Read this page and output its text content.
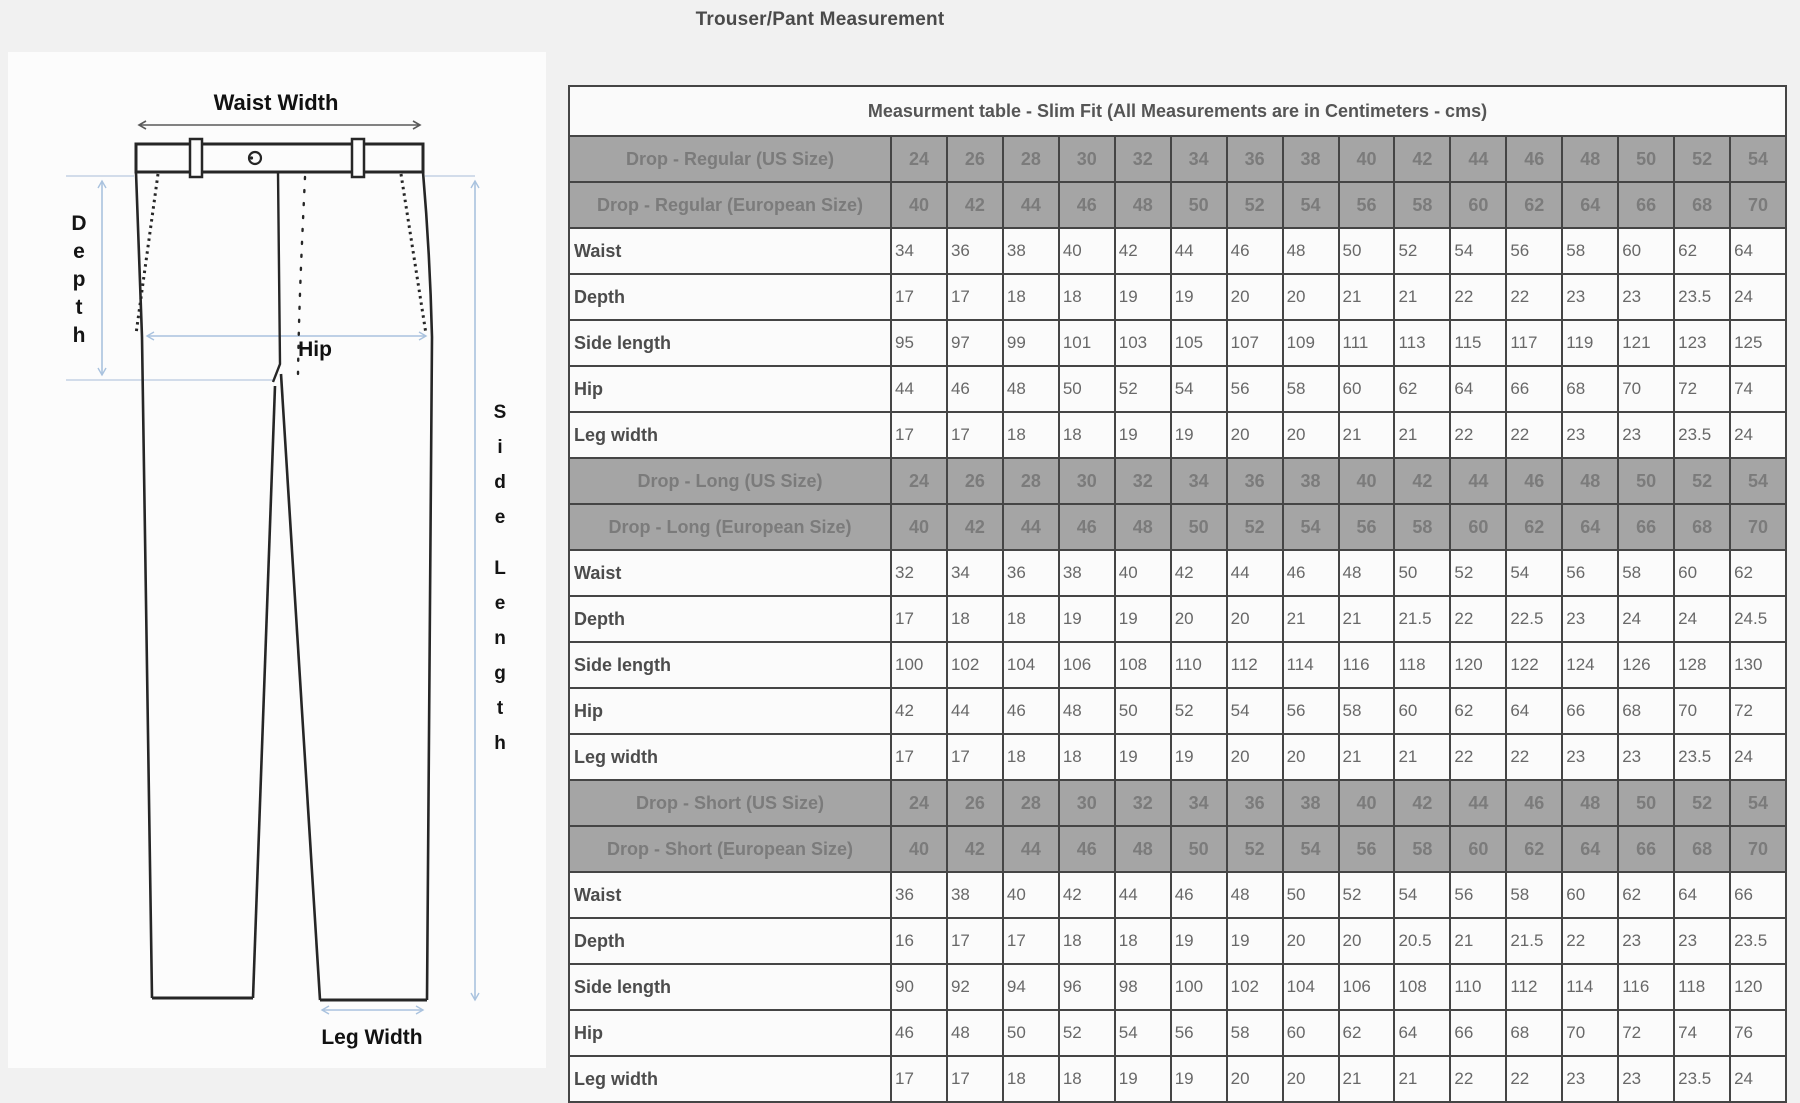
Trouser/Pant Measurement
Waist Width
Hip
Leg Width
D
e
p
t
h
S
i
d
e
L
e
n
g
t
h
Measurment table - Slim Fit (All Measurements are in Centimeters - cms)																
Drop - Regular (US Size)	24	26	28	30	32	34	36	38	40	42	44	46	48	50	52	54
Drop - Regular (European Size)	40	42	44	46	48	50	52	54	56	58	60	62	64	66	68	70
Waist	34	36	38	40	42	44	46	48	50	52	54	56	58	60	62	64
Depth	17	17	18	18	19	19	20	20	21	21	22	22	23	23	23.5	24
Side length	95	97	99	101	103	105	107	109	111	113	115	117	119	121	123	125
Hip	44	46	48	50	52	54	56	58	60	62	64	66	68	70	72	74
Leg width	17	17	18	18	19	19	20	20	21	21	22	22	23	23	23.5	24
Drop - Long (US Size)	24	26	28	30	32	34	36	38	40	42	44	46	48	50	52	54
Drop - Long (European Size)	40	42	44	46	48	50	52	54	56	58	60	62	64	66	68	70
Waist	32	34	36	38	40	42	44	46	48	50	52	54	56	58	60	62
Depth	17	18	18	19	19	20	20	21	21	21.5	22	22.5	23	24	24	24.5
Side length	100	102	104	106	108	110	112	114	116	118	120	122	124	126	128	130
Hip	42	44	46	48	50	52	54	56	58	60	62	64	66	68	70	72
Leg width	17	17	18	18	19	19	20	20	21	21	22	22	23	23	23.5	24
Drop - Short (US Size)	24	26	28	30	32	34	36	38	40	42	44	46	48	50	52	54
Drop - Short (European Size)	40	42	44	46	48	50	52	54	56	58	60	62	64	66	68	70
Waist	36	38	40	42	44	46	48	50	52	54	56	58	60	62	64	66
Depth	16	17	17	18	18	19	19	20	20	20.5	21	21.5	22	23	23	23.5
Side length	90	92	94	96	98	100	102	104	106	108	110	112	114	116	118	120
Hip	46	48	50	52	54	56	58	60	62	64	66	68	70	72	74	76
Leg width	17	17	18	18	19	19	20	20	21	21	22	22	23	23	23.5	24
